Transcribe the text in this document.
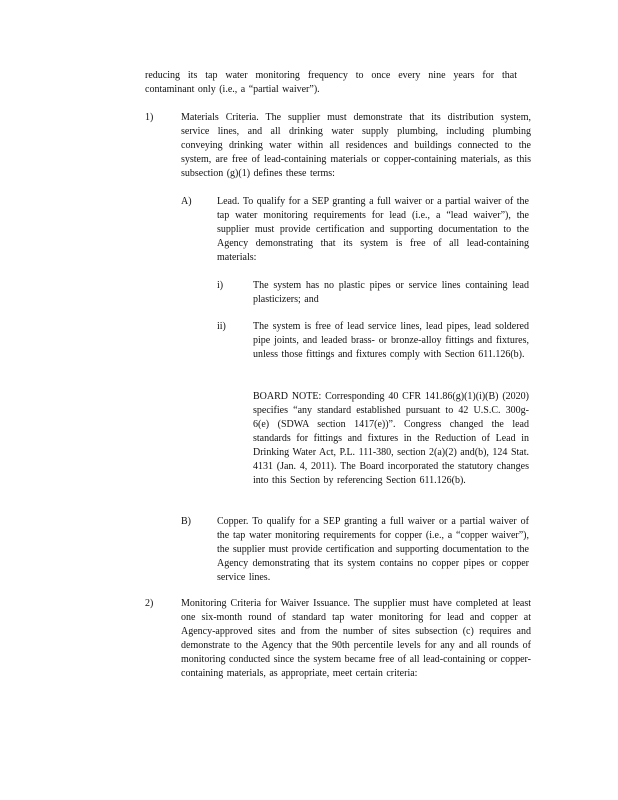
reducing its tap water monitoring frequency to once every nine years for that contaminant only (i.e., a “partial waiver”).
1)	Materials Criteria. The supplier must demonstrate that its distribution system, service lines, and all drinking water supply plumbing, including plumbing conveying drinking water within all residences and buildings connected to the system, are free of lead-containing materials or copper-containing materials, as this subsection (g)(1) defines these terms:
A)	Lead. To qualify for a SEP granting a full waiver or a partial waiver of the tap water monitoring requirements for lead (i.e., a “lead waiver”), the supplier must provide certification and supporting documentation to the Agency demonstrating that its system is free of all lead-containing materials:
i)	The system has no plastic pipes or service lines containing lead plasticizers; and
ii)	The system is free of lead service lines, lead pipes, lead soldered pipe joints, and leaded brass- or bronze-alloy fittings and fixtures, unless those fittings and fixtures comply with Section 611.126(b).
BOARD NOTE: Corresponding 40 CFR 141.86(g)(1)(i)(B) (2020) specifies “any standard established pursuant to 42 U.S.C. 300g-6(e) (SDWA section 1417(e))”. Congress changed the lead standards for fittings and fixtures in the Reduction of Lead in Drinking Water Act, P.L. 111-380, section 2(a)(2) and(b), 124 Stat. 4131 (Jan. 4, 2011). The Board incorporated the statutory changes into this Section by referencing Section 611.126(b).
B)	Copper. To qualify for a SEP granting a full waiver or a partial waiver of the tap water monitoring requirements for copper (i.e., a “copper waiver”), the supplier must provide certification and supporting documentation to the Agency demonstrating that its system contains no copper pipes or copper service lines.
2)	Monitoring Criteria for Waiver Issuance. The supplier must have completed at least one six-month round of standard tap water monitoring for lead and copper at Agency-approved sites and from the number of sites subsection (c) requires and demonstrate to the Agency that the 90th percentile levels for any and all rounds of monitoring conducted since the system became free of all lead-containing or copper-containing materials, as appropriate, meet certain criteria:
